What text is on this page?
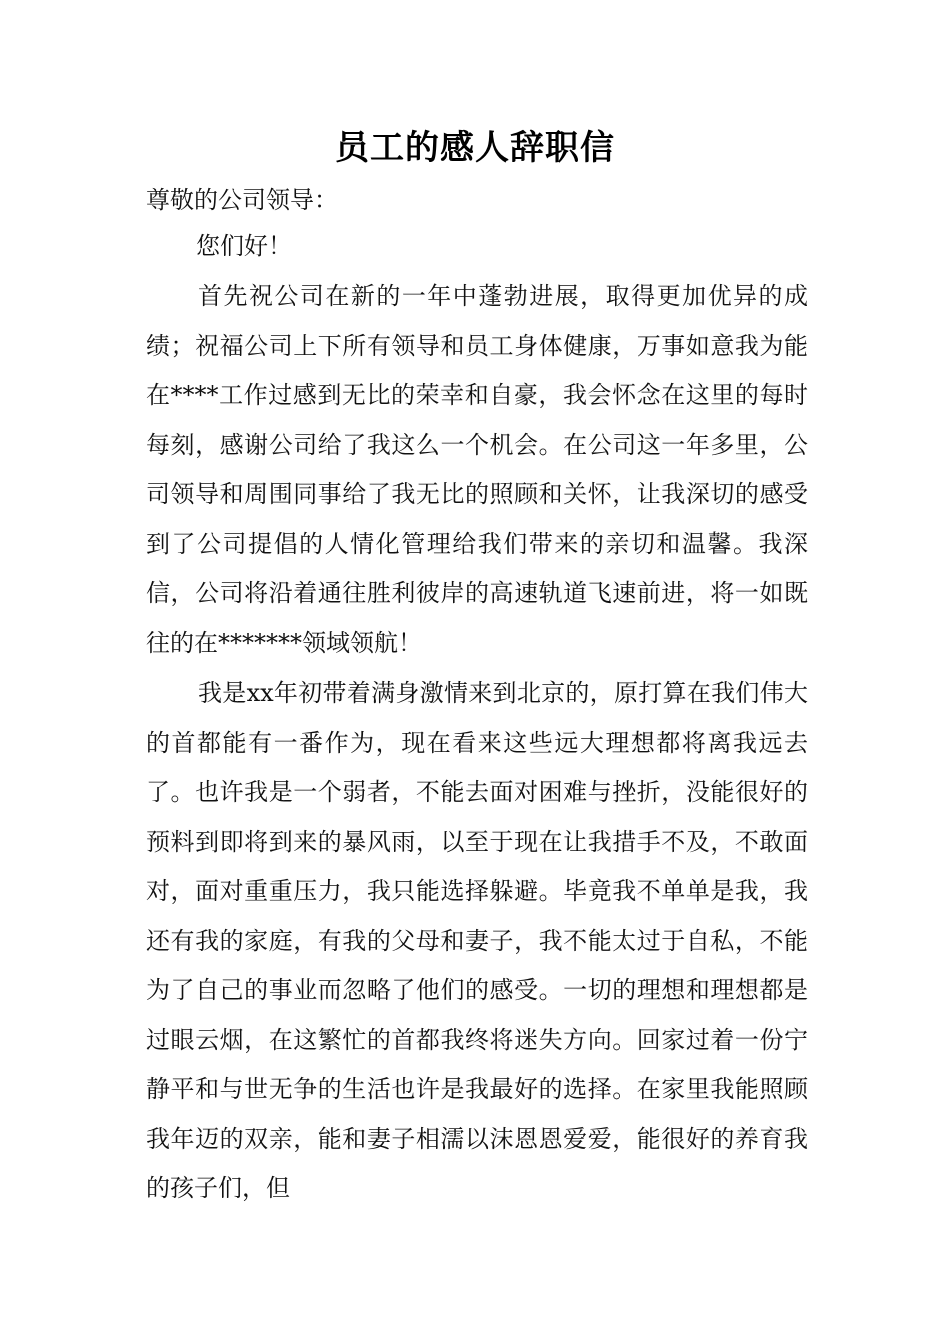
员工的感人辞职信
尊敬的公司领导：
您们好！

首先祝公司在新的一年中蓬勃进展，取得更加优异的成绩；祝福公司上下所有领导和员工身体健康，万事如意我为能在****工作过感到无比的荣幸和自豪，我会怀念在这里的每时每刻，感谢公司给了我这么一个机会。在公司这一年多里，公司领导和周围同事给了我无比的照顾和关怀，让我深切的感受到了公司提倡的人情化管理给我们带来的亲切和温馨。我深信，公司将沿着通往胜利彼岸的高速轨道飞速前进，将一如既往的在*******领域领航！

我是xx年初带着满身激情来到北京的，原打算在我们伟大的首都能有一番作为，现在看来这些远大理想都将离我远去了。也许我是一个弱者，不能去面对困难与挫折，没能很好的预料到即将到来的暴风雨，以至于现在让我措手不及，不敢面对，面对重重压力，我只能选择躲避。毕竟我不单单是我，我还有我的家庭，有我的父母和妻子，我不能太过于自私，不能为了自己的事业而忽略了他们的感受。一切的理想和理想都是过眼云烟，在这繁忙的首都我终将迷失方向。回家过着一份宁静平和与世无争的生活也许是我最好的选择。在家里我能照顾我年迈的双亲，能和妻子相濡以沫恩恩爱爱，能很好的养育我的孩子们，但
